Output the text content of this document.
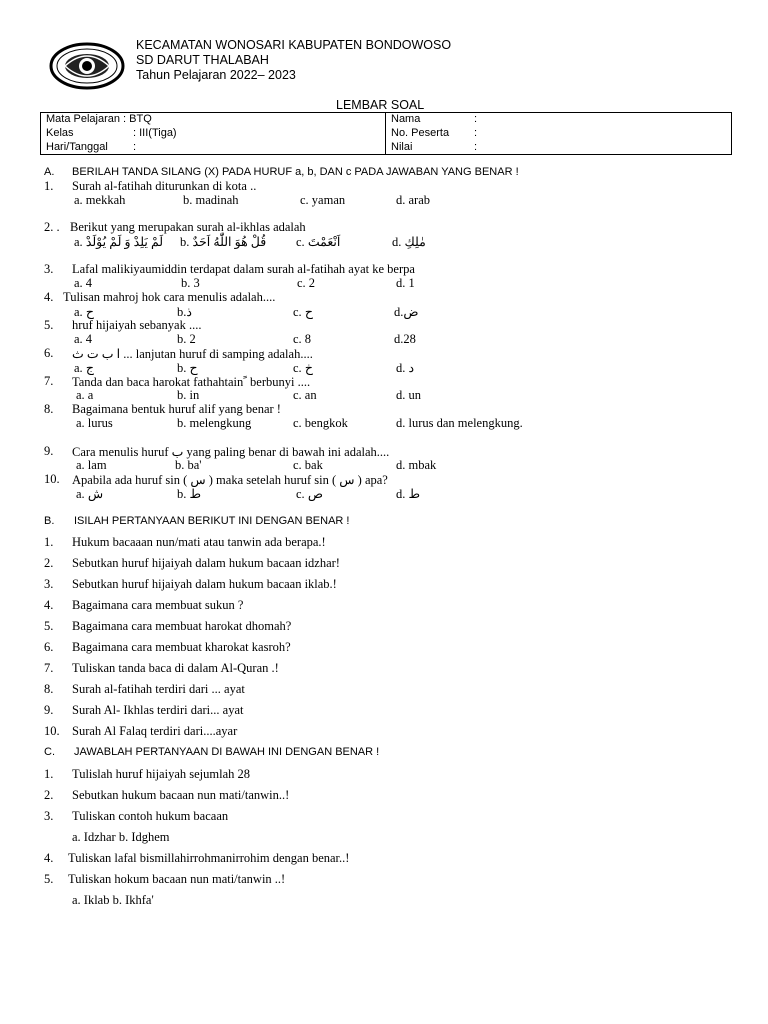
KECAMATAN WONOSARI KABUPATEN BONDOWOSO
SD DARUT THALABAH
Tahun Pelajaran 2022– 2023
LEMBAR SOAL
Mata Pelajaran : BTQ
Kelas	: III(Tiga)
Hari/Tanggal :
Nama	:
No. Peserta :
Nilai	:
A. BERILAH TANDA SILANG (X) PADA HURUF a, b, DAN c PADA JAWABAN YANG BENAR !
1. Surah al-fatihah diturunkan di kota ..
a. mekkah	b. madinah	c. yaman	d. arab
2. . Berikut yang merupakan surah al-ikhlas adalah
a. لَمْ يَلِدْ وَ لَمْ يُوْلَدْ b. قُلْ هُوَ اللّٰهُ اَحَدٌ c. اَنْعَمْتَ	d. مٰلِكِ
3. Lafal malikiyaumiddin terdapat dalam surah al-fatihah ayat ke berpa
a. 4	b. 3	c. 2	d. 1
4. Tulisan mahroj hok cara menulis adalah....
a. ح	b.ذ	c. ح	d.ض
5. hruf hijaiyah sebanyak ....
a. 4	b. 2	c. 8	d.28
6. ا ب ت ث ... lanjutan huruf di samping adalah....
a. ج	b. ح	c. خ	d. د
7. Tanda dan baca harokat fathahtain ً berbunyi ....
a. a	b. in	c. an	d. un
8. Bagaimana bentuk huruf alif yang benar !
a. lurus	b. melengkung	c. bengkok	d. lurus dan melengkung.
9. Cara menulis huruf ب yang paling benar di bawah ini adalah....
a. lam	b. ba'	c. bak	d. mbak
10. Apabila ada huruf sin ( س ) maka setelah huruf sin ( س ) apa?
a. ش	b. ط	c. ص	d. ط
B. ISILAH PERTANYAAN BERIKUT INI DENGAN BENAR !
1. Hukum bacaaan nun/mati atau tanwin ada berapa.!
2. Sebutkan huruf hijaiyah dalam hukum bacaan idzhar!
3. Sebutkan huruf hijaiyah dalam hukum bacaan iklab.!
4. Bagaimana cara membuat sukun ?
5. Bagaimana cara membuat harokat dhomah?
6. Bagaimana cara membuat kharokat kasroh?
7. Tuliskan tanda baca di dalam Al-Quran .!
8. Surah al-fatihah terdiri dari ... ayat
9. Surah Al- Ikhlas terdiri dari... ayat
10. Surah Al Falaq terdiri dari....ayar
C. JAWABLAH PERTANYAAN DI BAWAH INI DENGAN BENAR !
1. Tulislah huruf hijaiyah sejumlah 28
2. Sebutkan hukum bacaan nun mati/tanwin..!
3. Tuliskan contoh hukum bacaan
a. Idzhar b. Idghem
4. Tuliskan lafal bismillahirrohmanirrohim dengan benar..!
5. Tuliskan hokum bacaan nun mati/tanwin ..!
a. Iklab b. Ikhfa'
